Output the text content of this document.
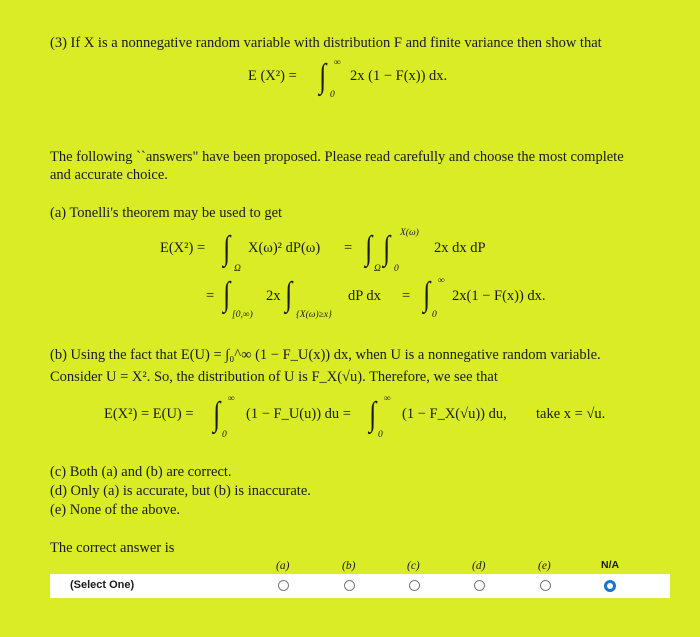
(3) If X is a nonnegative random variable with distribution F and finite variance then show that
E (X²) = ∫ ∞
0
2x (1 − F(x)) dx.
The following ``answers" have been proposed. Please read carefully and choose the most complete
and accurate choice.
(a) Tonelli's theorem may be used to get
E(X²) = ∫
Ω
X(ω)² dP(ω) = ∫
Ω
∫
0
X(ω)
2x dx dP
= ∫
[0,∞)
2x ∫
{X(ω)≥x}
dP dx = ∫ ∞
0
2x(1 − F(x)) dx.
(b) Using the fact that E(U) = ∫₀^∞ (1 − F_U(x)) dx, when U is a nonnegative random variable.
Consider U = X². So, the distribution of U is F_X(√u). Therefore, we see that
E(X²) = E(U) = ∫ ∞
0
(1 − F_U(u)) du = ∫ ∞
0
(1 − F_X(√u)) du, take x = √u.
(c) Both (a) and (b) are correct.
(d) Only (a) is accurate, but (b) is inaccurate.
(e) None of the above.
The correct answer is
(a)	(b)	(c)	(d)	(e)	N/A
(Select One)
